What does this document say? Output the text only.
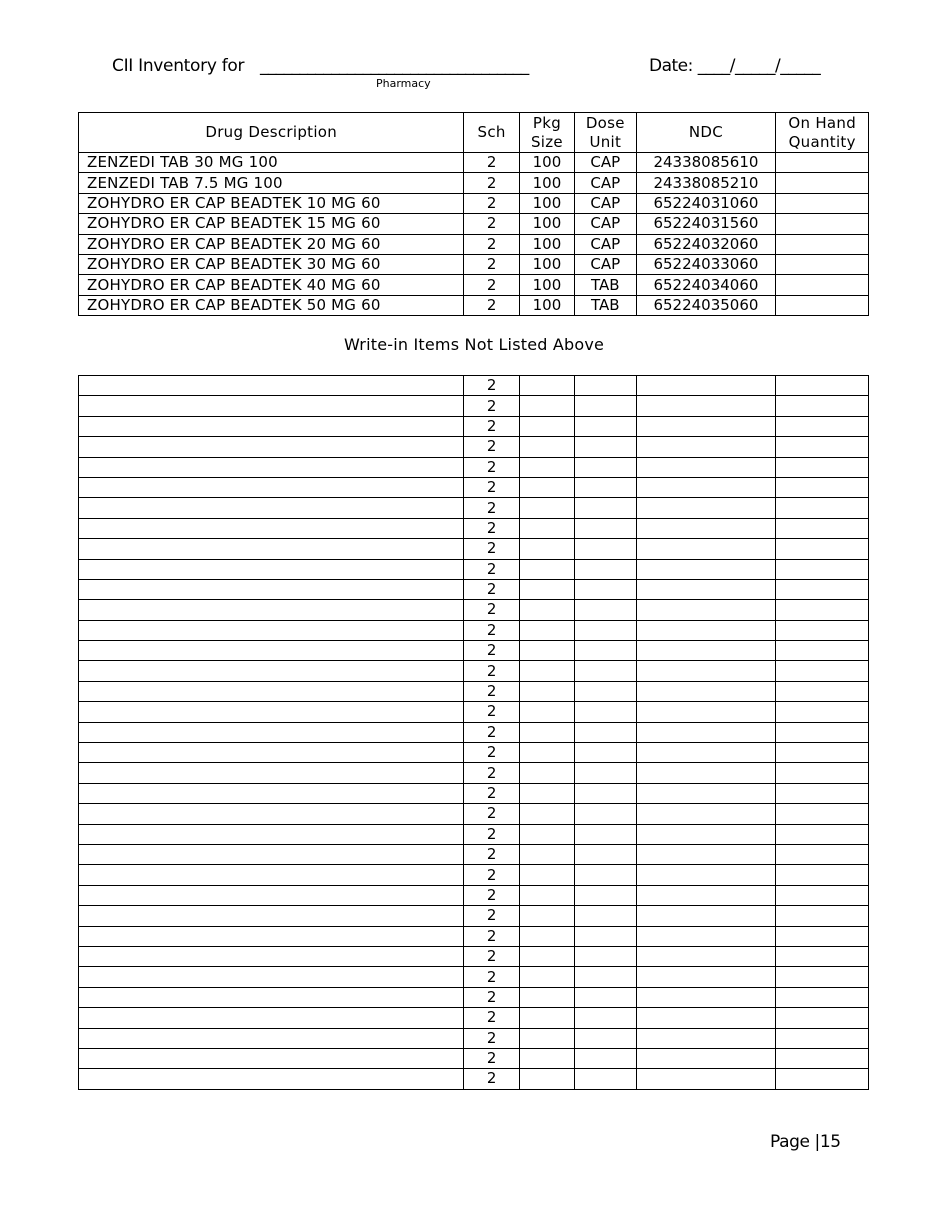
CII Inventory for __________________________________
Pharmacy
Date: ____/_____/_____
Drug Description	Sch	Pkg Size	Dose Unit	NDC	On Hand Quantity
ZENZEDI TAB 30 MG 100	2	100	CAP	24338085610	
ZENZEDI TAB 7.5 MG 100	2	100	CAP	24338085210	
ZOHYDRO ER CAP BEADTEK 10 MG 60	2	100	CAP	65224031060	
ZOHYDRO ER CAP BEADTEK 15 MG 60	2	100	CAP	65224031560	
ZOHYDRO ER CAP BEADTEK 20 MG 60	2	100	CAP	65224032060	
ZOHYDRO ER CAP BEADTEK 30 MG 60	2	100	CAP	65224033060	
ZOHYDRO ER CAP BEADTEK 40 MG 60	2	100	TAB	65224034060	
ZOHYDRO ER CAP BEADTEK 50 MG 60	2	100	TAB	65224035060	
Write-in Items Not Listed Above
	2				
	2				
	2				
	2				
	2				
	2				
	2				
	2				
	2				
	2				
	2				
	2				
	2				
	2				
	2				
	2				
	2				
	2				
	2				
	2				
	2				
	2				
	2				
	2				
	2				
	2				
	2				
	2				
	2				
	2				
	2				
	2				
	2				
	2				
	2				
Page |15
